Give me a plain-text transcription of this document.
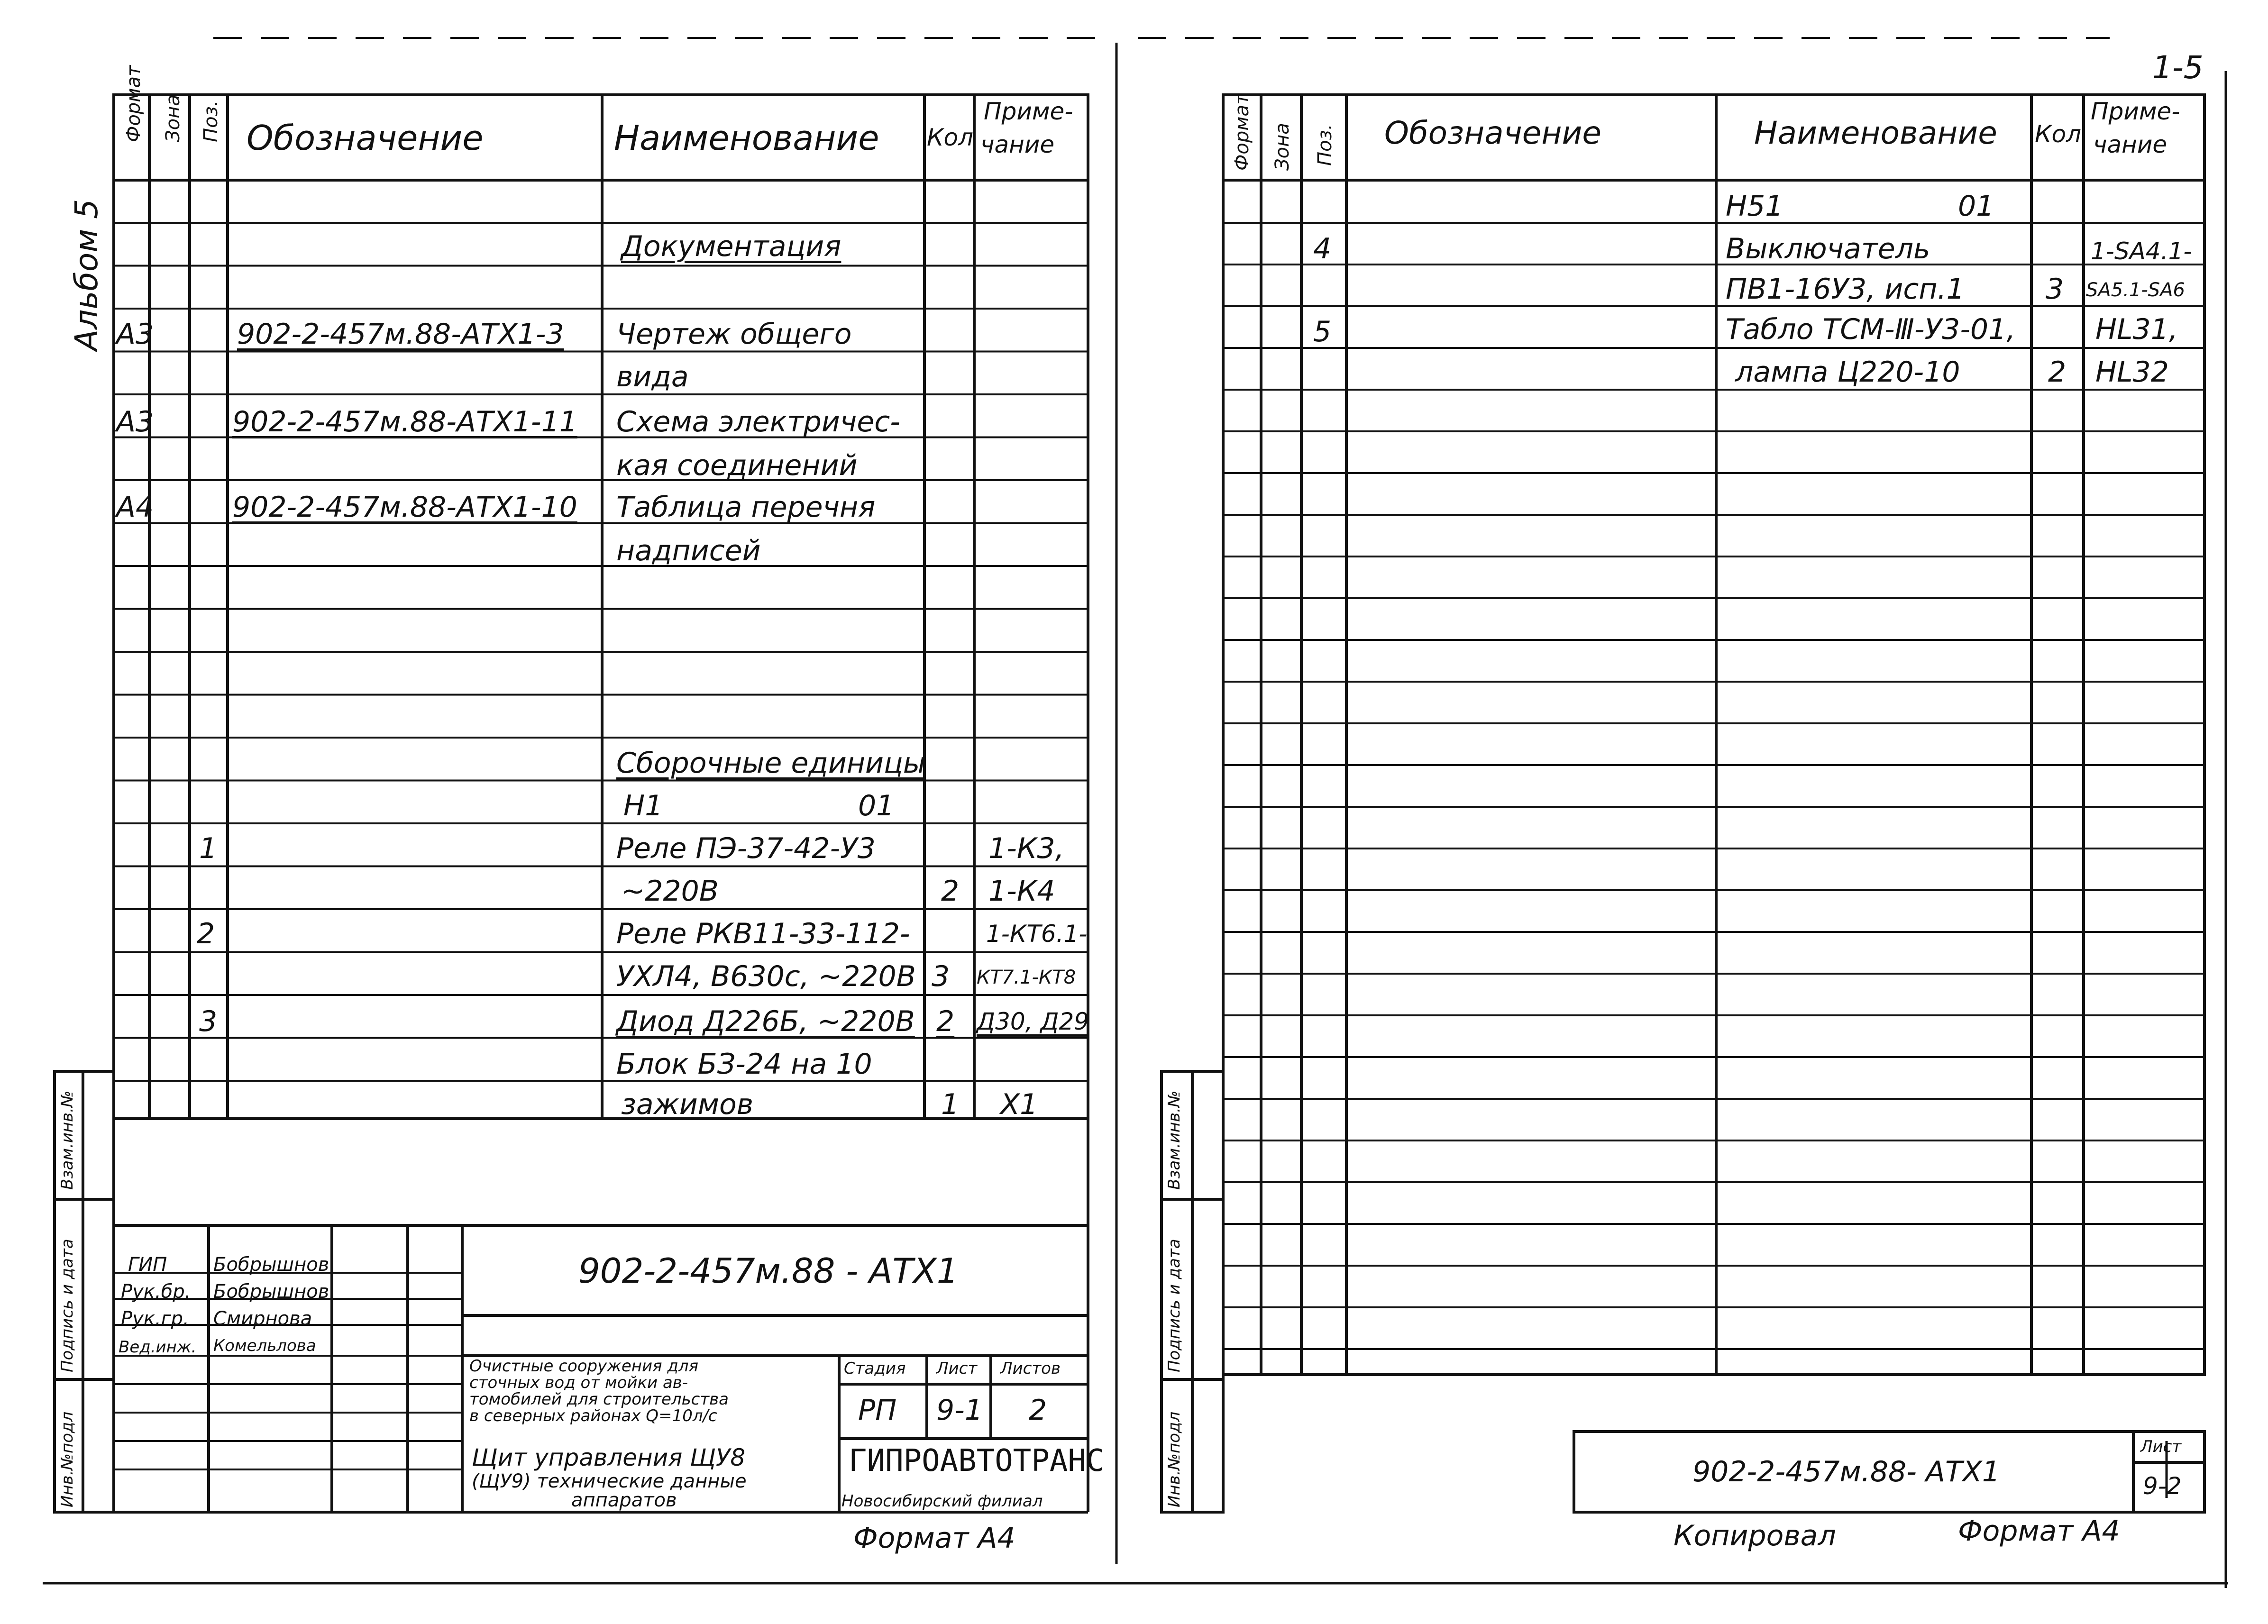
1-5
Альбом 5
Формат Зона Поз. Обозначение	Наименование Кол
Приме-
чание
Документация
А3	902-2-457м.88-АТХ1-3 Чертеж общего
вида
А3	902-2-457м.88-АТХ1-11 Схема электричес-
кая соединений
А4	902-2-457м.88-АТХ1-10 Таблица перечня
надписей
Сборочные единицы
Н1	01
1	Реле ПЭ-37-42-У3	1-К3,
~220В	2 1-К4
2	Реле РКВ11-33-112-	1-КТ6.1-
УХЛ4, В630с, ~220В 3 КТ7.1-КТ8
3	Диод Д226Б, ~220В 2 Д30, Д29
Блок БЗ-24 на 10
зажимов	1 Х1
Взам.инв.№
Подпись и дата
Инв.№подл
902-2-457м.88 - АТХ1
ГИП Бобрышнов
Рук.бр. Бобрышнов
Рук.гр. Смирнова
Вед.инж. Комельлова
Очистные сооружения для
сточных вод от мойки ав-
томобилей для строительства
в северных районах Q=10л/с
Щит управления ЩУ8
(ЩУ9) технические данные
аппаратов
Стадия Лист Листов
РП 9-1 2
ГИПРОАВТОТРАНС
Новосибирский филиал
Формат А4
Формат Зона Поз. Обозначение	Наименование Кол
Приме-
чание
Н51	01
4	Выключатель	1-SA4.1-
ПВ1-16У3, исп.1	3 SA5.1-SA6
5	Табло ТСМ-Ⅲ-У3-01,	HL31,
лампа Ц220-10	2 HL32
Взам.инв.№
Подпись и дата
Инв.№подл	902-2-457м.88- АТХ1
Лист
9-2
Копировал	Формат А4
